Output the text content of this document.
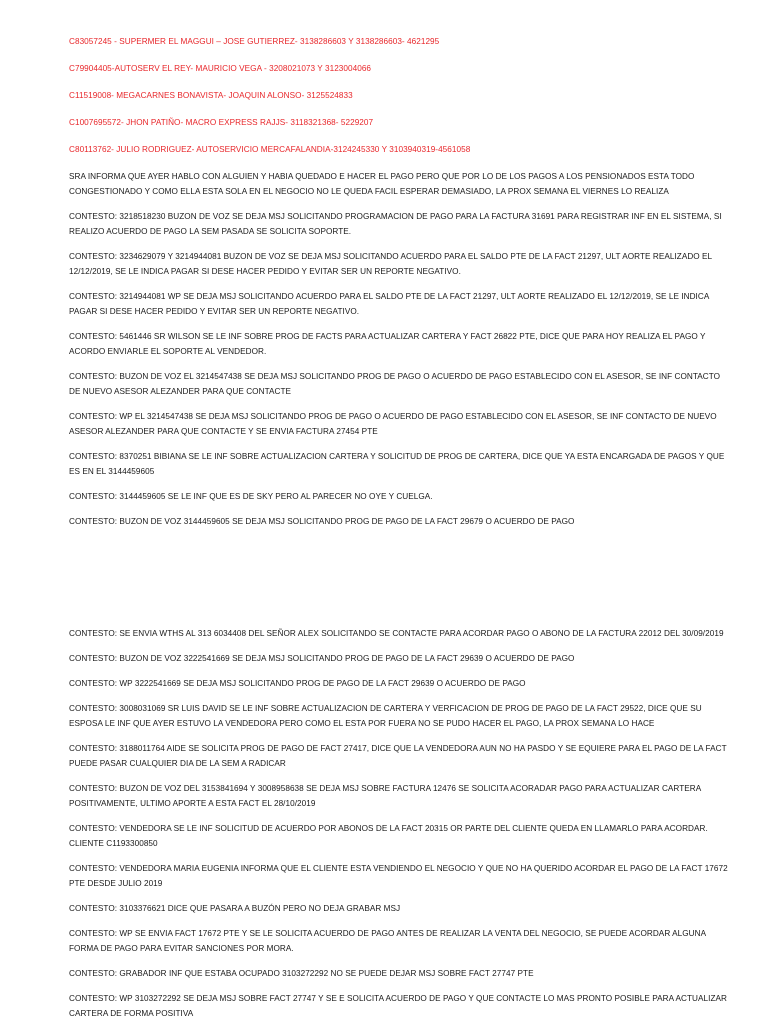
C83057245 - SUPERMER EL MAGGUI – JOSE GUTIERREZ- 3138286603 Y 3138286603- 4621295

C79904405-AUTOSERV EL REY- MAURICIO VEGA - 3208021073 Y 3123004066

C11519008- MEGACARNES BONAVISTA- JOAQUIN ALONSO- 3125524833

C1007695572- JHON PATIÑO- MACRO EXPRESS RAJJS- 3118321368- 5229207

C80113762- JULIO RODRIGUEZ- AUTOSERVICIO MERCAFALANDIA-3124245330 Y 3103940319-4561058

SRA INFORMA QUE AYER HABLO CON ALGUIEN Y HABIA QUEDADO E HACER EL PAGO PERO QUE POR LO DE LOS PAGOS A LOS PENSIONADOS ESTA TODO CONGESTIONADO Y COMO ELLA ESTA SOLA EN EL NEGOCIO NO LE QUEDA FACIL ESPERAR DEMASIADO, LA PROX SEMANA EL VIERNES LO REALIZA

CONTESTO: 3218518230 BUZON DE VOZ SE DEJA MSJ SOLICITANDO PROGRAMACION DE PAGO PARA LA FACTURA 31691 PARA REGISTRAR INF EN EL SISTEMA, SI REALIZO ACUERDO DE PAGO LA SEM PASADA SE SOLICITA SOPORTE.

CONTESTO: 3234629079 Y 3214944081 BUZON DE VOZ SE DEJA MSJ SOLICITANDO ACUERDO PARA EL SALDO PTE DE LA FACT 21297, ULT AORTE REALIZADO EL 12/12/2019, SE LE INDICA PAGAR SI DESE HACER PEDIDO Y EVITAR SER UN REPORTE NEGATIVO.

CONTESTO: 3214944081 WP SE DEJA MSJ SOLICITANDO ACUERDO PARA EL SALDO PTE DE LA FACT 21297, ULT AORTE REALIZADO EL 12/12/2019, SE LE INDICA PAGAR SI DESE HACER PEDIDO Y EVITAR SER UN REPORTE NEGATIVO.

CONTESTO: 5461446 SR WILSON SE LE INF SOBRE PROG DE FACTS PARA ACTUALIZAR CARTERA Y FACT 26822 PTE, DICE QUE PARA HOY REALIZA EL PAGO Y ACORDO ENVIARLE EL SOPORTE AL VENDEDOR.

CONTESTO: BUZON DE VOZ EL 3214547438 SE DEJA MSJ SOLICITANDO PROG DE PAGO O ACUERDO DE PAGO ESTABLECIDO CON EL ASESOR, SE INF CONTACTO DE NUEVO ASESOR ALEZANDER PARA QUE CONTACTE

CONTESTO: WP EL 3214547438 SE DEJA MSJ SOLICITANDO PROG DE PAGO O ACUERDO DE PAGO ESTABLECIDO CON EL ASESOR, SE INF CONTACTO DE NUEVO ASESOR ALEZANDER PARA QUE CONTACTE Y SE ENVIA FACTURA 27454 PTE

CONTESTO: 8370251 BIBIANA SE LE INF SOBRE ACTUALIZACION CARTERA Y SOLICITUD DE PROG DE CARTERA, DICE QUE YA ESTA ENCARGADA DE PAGOS Y QUE ES EN EL 3144459605

CONTESTO: 3144459605 SE LE INF QUE ES DE SKY PERO AL PARECER NO OYE Y CUELGA.

CONTESTO: BUZON DE VOZ 3144459605 SE DEJA MSJ SOLICITANDO PROG DE PAGO DE LA FACT 29679 O ACUERDO DE PAGO

CONTESTO: SE ENVIA WTHS AL 313 6034408 DEL SEÑOR ALEX SOLICITANDO SE CONTACTE PARA ACORDAR PAGO O ABONO DE LA FACTURA 22012 DEL 30/09/2019

CONTESTO: BUZON DE VOZ 3222541669 SE DEJA MSJ SOLICITANDO PROG DE PAGO DE LA FACT 29639 O ACUERDO DE PAGO

CONTESTO: WP 3222541669 SE DEJA MSJ SOLICITANDO PROG DE PAGO DE LA FACT 29639 O ACUERDO DE PAGO

CONTESTO: 3008031069 SR LUIS DAVID SE LE INF SOBRE ACTUALIZACION DE CARTERA Y VERFICACION DE PROG DE PAGO DE LA FACT 29522, DICE QUE SU ESPOSA LE INF QUE AYER ESTUVO LA VENDEDORA PERO COMO EL ESTA POR FUERA NO SE PUDO HACER EL PAGO, LA PROX SEMANA LO HACE

CONTESTO: 3188011764 AIDE SE SOLICITA PROG DE PAGO DE FACT 27417, DICE QUE LA VENDEDORA AUN NO HA PASDO Y SE EQUIERE PARA EL PAGO DE LA FACT PUEDE PASAR CUALQUIER DIA DE LA SEM A RADICAR

CONTESTO: BUZON DE VOZ DEL 3153841694 Y 3008958638 SE DEJA MSJ SOBRE FACTURA 12476 SE SOLICITA ACORADAR PAGO PARA ACTUALIZAR CARTERA POSITIVAMENTE, ULTIMO APORTE A ESTA FACT EL 28/10/2019

CONTESTO: VENDEDORA SE LE INF SOLICITUD DE ACUERDO POR ABONOS DE LA FACT 20315 OR PARTE DEL CLIENTE QUEDA EN LLAMARLO PARA ACORDAR. CLIENTE C1193300850

CONTESTO: VENDEDORA MARIA EUGENIA INFORMA QUE EL CLIENTE ESTA VENDIENDO EL NEGOCIO Y QUE NO HA QUERIDO ACORDAR EL PAGO DE LA FACT 17672 PTE DESDE JULIO 2019

CONTESTO: 3103376621 DICE QUE PASARA A BUZÓN PERO NO DEJA GRABAR MSJ

CONTESTO: WP SE ENVIA FACT 17672 PTE Y SE LE SOLICITA ACUERDO DE PAGO ANTES DE REALIZAR LA VENTA DEL NEGOCIO, SE PUEDE ACORDAR ALGUNA FORMA DE PAGO PARA EVITAR SANCIONES POR MORA.

CONTESTO: GRABADOR INF QUE ESTABA OCUPADO 3103272292 NO SE PUEDE DEJAR MSJ SOBRE FACT 27747 PTE

CONTESTO: WP 3103272292 SE DEJA MSJ SOBRE FACT 27747 Y SE E SOLICITA ACUERDO DE PAGO Y QUE CONTACTE LO MAS PRONTO POSIBLE PARA ACTUALIZAR CARTERA DE FORMA POSITIVA
